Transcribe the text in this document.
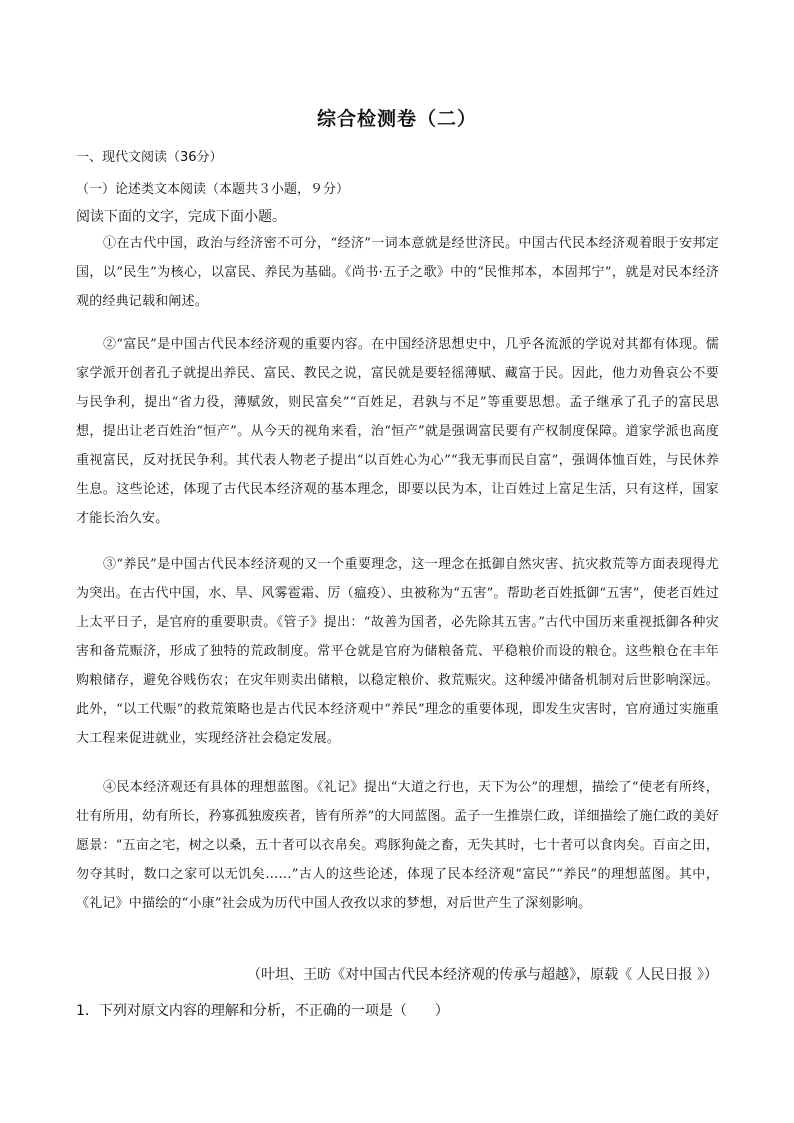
综合检测卷（二）
一、现代文阅读（36分）
（一）论述类文本阅读（本题共３小题，９分）
阅读下面的文字，完成下面小题。

①在古代中国，政治与经济密不可分，“经济”一词本意就是经世济民。中国古代民本经济观着眼于安邦定国，以“民生”为核心，以富民、养民为基础。《尚书·五子之歌》中的“民惟邦本，本固邦宁”，就是对民本经济观的经典记载和阐述。

②“富民”是中国古代民本经济观的重要内容。在中国经济思想史中，几乎各流派的学说对其都有体现。儒家学派开创者孔子就提出养民、富民、教民之说，富民就是要轻徭薄赋、藏富于民。因此，他力劝鲁哀公不要与民争利，提出“省力役，薄赋敛，则民富矣”“百姓足，君孰与不足”等重要思想。孟子继承了孔子的富民思想，提出让老百姓治“恒产”。从今天的视角来看，治“恒产”就是强调富民要有产权制度保障。道家学派也高度重视富民，反对抚民争利。其代表人物老子提出“以百姓心为心”“我无事而民自富”，强调体恤百姓，与民休养生息。这些论述，体现了古代民本经济观的基本理念，即要以民为本，让百姓过上富足生活，只有这样，国家才能长治久安。

③“养民”是中国古代民本经济观的又一个重要理念，这一理念在抵御自然灾害、抗灾救荒等方面表现得尤为突出。在古代中国，水、旱、风雾雹霜、厉（瘟疫）、虫被称为“五害”。帮助老百姓抵御“五害”，使老百姓过上太平日子，是官府的重要职责。《管子》提出：“故善为国者，必先除其五害。”古代中国历来重视抵御各种灾害和备荒赈济，形成了独特的荒政制度。常平仓就是官府为储粮备荒、平稳粮价而设的粮仓。这些粮仓在丰年购粮储存，避免谷贱伤农；在灾年则卖出储粮，以稳定粮价、救荒赈灾。这种缓冲储备机制对后世影响深远。此外，“以工代赈”的救荒策略也是古代民本经济观中“养民”理念的重要体现，即发生灾害时，官府通过实施重大工程来促进就业，实现经济社会稳定发展。

④民本经济观还有具体的理想蓝图。《礼记》提出“大道之行也，天下为公”的理想，描绘了“使老有所终，壮有所用，幼有所长，矜寡孤独废疾者，皆有所养”的大同蓝图。孟子一生推崇仁政，详细描绘了施仁政的美好愿景：“五亩之宅，树之以桑，五十者可以衣帛矣。鸡豚狗彘之畜，无失其时，七十者可以食肉矣。百亩之田，勿夺其时，数口之家可以无饥矣……”古人的这些论述，体现了民本经济观“富民”“养民”的理想蓝图。其中，《礼记》中描绘的“小康”社会成为历代中国人孜孜以求的梦想，对后世产生了深刻影响。

（叶坦、王昉《对中国古代民本经济观的传承与超越》，原载《 人民日报 》）
1．下列对原文内容的理解和分析，不正确的一项是（　　）
